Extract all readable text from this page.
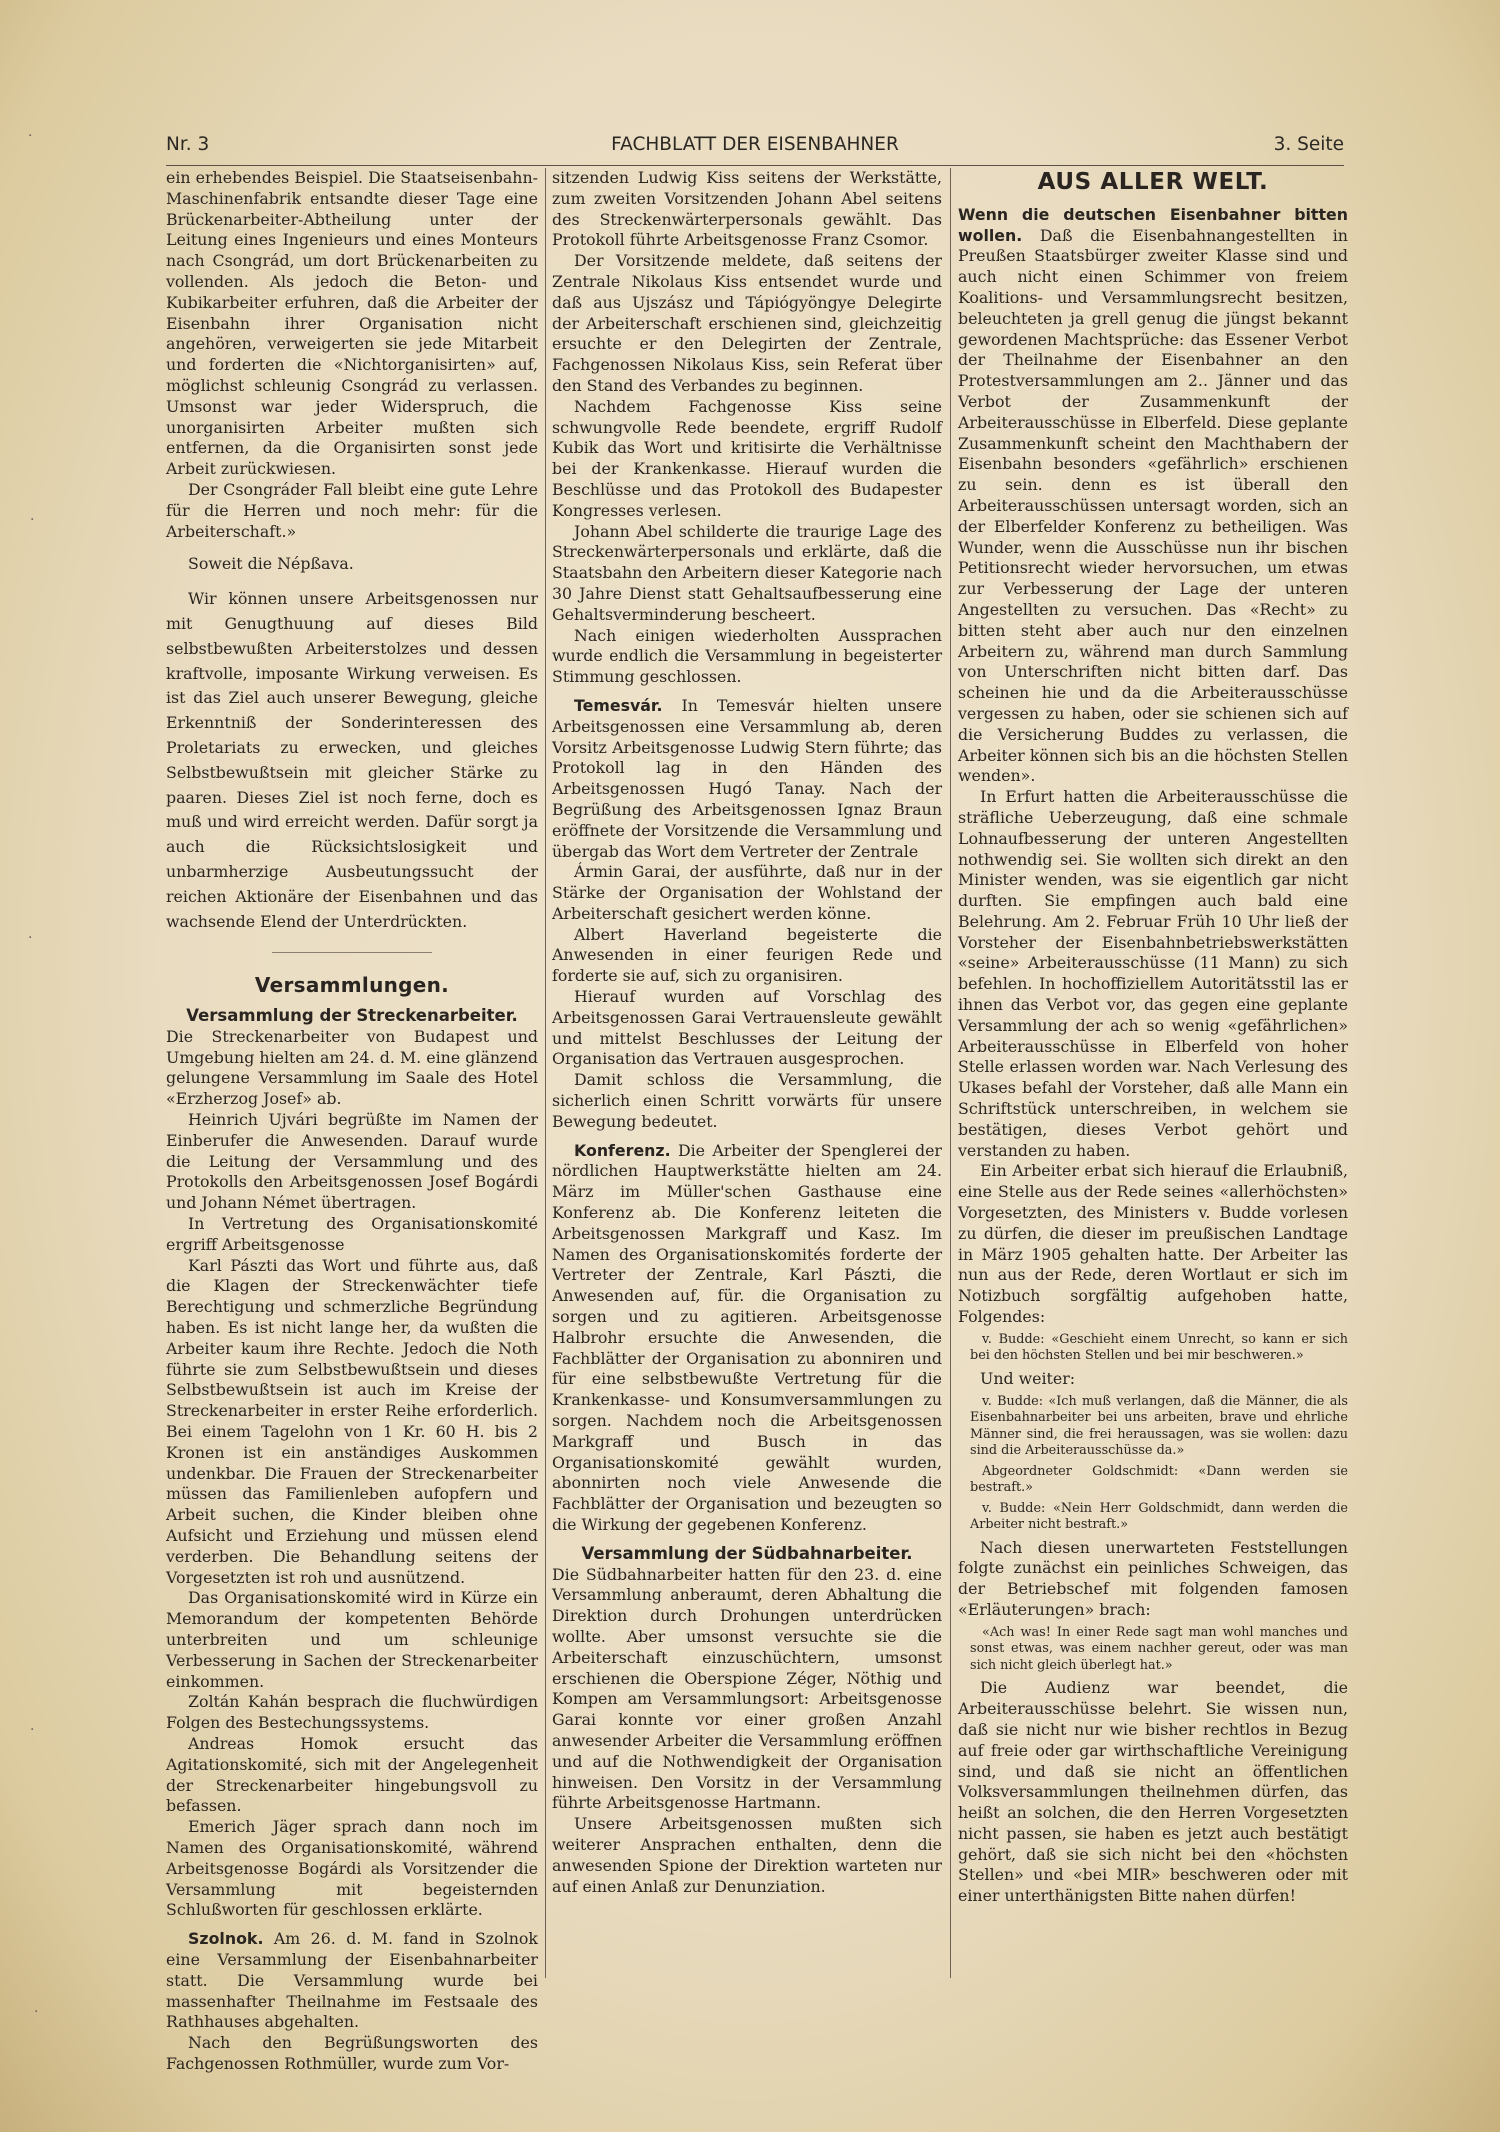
Nr. 3	FACHBLATT DER EISENBAHNER	3. Seite

ein erhebendes Beispiel. Die Staatseisenbahn-Maschinenfabrik entsandte dieser Tage eine Brückenarbeiter-Abtheilung unter der Leitung eines Ingenieurs und eines Monteurs nach Csongrád, um dort Brückenarbeiten zu vollenden. Als jedoch die Beton- und Kubikarbeiter erfuhren, daß die Arbeiter der Eisenbahn ihrer Organisation nicht angehören, verweigerten sie jede Mitarbeit und forderten die «Nichtorganisirten» auf, möglichst schleunig Csongrád zu verlassen. Umsonst war jeder Widerspruch, die unorganisirten Arbeiter mußten sich entfernen, da die Organisirten sonst jede Arbeit zurückwiesen.

Der Csongráder Fall bleibt eine gute Lehre für die Herren und noch mehr: für die Arbeiterschaft.»

Soweit die Népßava.

Wir können unsere Arbeitsgenossen nur mit Genugthuung auf dieses Bild selbstbewußten Arbeiterstolzes und dessen kraftvolle, imposante Wirkung verweisen. Es ist das Ziel auch unserer Bewegung, gleiche Erkenntniß der Sonderinteressen des Proletariats zu erwecken, und gleiches Selbstbewußtsein mit gleicher Stärke zu paaren. Dieses Ziel ist noch ferne, doch es muß und wird erreicht werden. Dafür sorgt ja auch die Rücksichtslosigkeit und unbarmherzige Ausbeutungssucht der reichen Aktionäre der Eisenbahnen und das wachsende Elend der Unterdrückten.

Versammlungen.
Versammlung der Streckenarbeiter.

Die Streckenarbeiter von Budapest und Umgebung hielten am 24. d. M. eine glänzend gelungene Versammlung im Saale des Hotel «Erzherzog Josef» ab.

Heinrich Ujvári begrüßte im Namen der Einberufer die Anwesenden. Darauf wurde die Leitung der Versammlung und des Protokolls den Arbeitsgenossen Josef Bogárdi und Johann Német übertragen.

In Vertretung des Organisationskomité ergriff Arbeitsgenosse

Karl Pászti das Wort und führte aus, daß die Klagen der Streckenwächter tiefe Berechtigung und schmerzliche Begründung haben. Es ist nicht lange her, da wußten die Arbeiter kaum ihre Rechte. Jedoch die Noth führte sie zum Selbstbewußtsein und dieses Selbstbewußtsein ist auch im Kreise der Streckenarbeiter in erster Reihe erforderlich. Bei einem Tagelohn von 1 Kr. 60 H. bis 2 Kronen ist ein anständiges Auskommen undenkbar. Die Frauen der Streckenarbeiter müssen das Familienleben aufopfern und Arbeit suchen, die Kinder bleiben ohne Aufsicht und Erziehung und müssen elend verderben. Die Behandlung seitens der Vorgesetzten ist roh und ausnützend.

Das Organisationskomité wird in Kürze ein Memorandum der kompetenten Behörde unterbreiten und um schleunige Verbesserung in Sachen der Streckenarbeiter einkommen.

Zoltán Kahán besprach die fluchwürdigen Folgen des Bestechungssystems.

Andreas Homok ersucht das Agitationskomité, sich mit der Angelegenheit der Streckenarbeiter hingebungsvoll zu befassen.

Emerich Jäger sprach dann noch im Namen des Organisationskomité, während Arbeitsgenosse Bogárdi als Vorsitzender die Versammlung mit begeisternden Schlußworten für geschlossen erklärte.

Szolnok. Am 26. d. M. fand in Szolnok eine Versammlung der Eisenbahnarbeiter statt. Die Versammlung wurde bei massenhafter Theilnahme im Festsaale des Rathhauses abgehalten.

Nach den Begrüßungsworten des Fachgenossen Rothmüller, wurde zum Vor-

sitzenden Ludwig Kiss seitens der Werkstätte, zum zweiten Vorsitzenden Johann Abel seitens des Streckenwärterpersonals gewählt. Das Protokoll führte Arbeitsgenosse Franz Csomor.

Der Vorsitzende meldete, daß seitens der Zentrale Nikolaus Kiss entsendet wurde und daß aus Ujszász und Tápiógyöngye Delegirte der Arbeiterschaft erschienen sind, gleichzeitig ersuchte er den Delegirten der Zentrale, Fachgenossen Nikolaus Kiss, sein Referat über den Stand des Verbandes zu beginnen.

Nachdem Fachgenosse Kiss seine schwungvolle Rede beendete, ergriff Rudolf Kubik das Wort und kritisirte die Verhältnisse bei der Krankenkasse. Hierauf wurden die Beschlüsse und das Protokoll des Budapester Kongresses verlesen.

Johann Abel schilderte die traurige Lage des Streckenwärterpersonals und erklärte, daß die Staatsbahn den Arbeitern dieser Kategorie nach 30 Jahre Dienst statt Gehaltsaufbesserung eine Gehaltsverminderung bescheert.

Nach einigen wiederholten Aussprachen wurde endlich die Versammlung in begeisterter Stimmung geschlossen.

Temesvár. In Temesvár hielten unsere Arbeitsgenossen eine Versammlung ab, deren Vorsitz Arbeitsgenosse Ludwig Stern führte; das Protokoll lag in den Händen des Arbeitsgenossen Hugó Tanay. Nach der Begrüßung des Arbeitsgenossen Ignaz Braun eröffnete der Vorsitzende die Versammlung und übergab das Wort dem Vertreter der Zentrale

Ármin Garai, der ausführte, daß nur in der Stärke der Organisation der Wohlstand der Arbeiterschaft gesichert werden könne.

Albert Haverland begeisterte die Anwesenden in einer feurigen Rede und forderte sie auf, sich zu organisiren.

Hierauf wurden auf Vorschlag des Arbeitsgenossen Garai Vertrauensleute gewählt und mittelst Beschlusses der Leitung der Organisation das Vertrauen ausgesprochen.

Damit schloss die Versammlung, die sicherlich einen Schritt vorwärts für unsere Bewegung bedeutet.

Konferenz. Die Arbeiter der Spenglerei der nördlichen Hauptwerkstätte hielten am 24. März im Müller'schen Gasthause eine Konferenz ab. Die Konferenz leiteten die Arbeitsgenossen Markgraff und Kasz. Im Namen des Organisationskomités forderte der Vertreter der Zentrale, Karl Pászti, die Anwesenden auf, für. die Organisation zu sorgen und zu agitieren. Arbeitsgenosse Halbrohr ersuchte die Anwesenden, die Fachblätter der Organisation zu abonniren und für eine selbstbewußte Vertretung für die Krankenkasse- und Konsumversammlungen zu sorgen. Nachdem noch die Arbeitsgenossen Markgraff und Busch in das Organisationskomité gewählt wurden, abonnirten noch viele Anwesende die Fachblätter der Organisation und bezeugten so die Wirkung der gegebenen Konferenz.

Versammlung der Südbahnarbeiter.

Die Südbahnarbeiter hatten für den 23. d. eine Versammlung anberaumt, deren Abhaltung die Direktion durch Drohungen unterdrücken wollte. Aber umsonst versuchte sie die Arbeiterschaft einzuschüchtern, umsonst erschienen die Oberspione Zéger, Nöthig und Kompen am Versammlungsort: Arbeitsgenosse Garai konnte vor einer großen Anzahl anwesender Arbeiter die Versammlung eröffnen und auf die Nothwendigkeit der Organisation hinweisen. Den Vorsitz in der Versammlung führte Arbeitsgenosse Hartmann.

Unsere Arbeitsgenossen mußten sich weiterer Ansprachen enthalten, denn die anwesenden Spione der Direktion warteten nur auf einen Anlaß zur Denunziation.

AUS ALLER WELT.

Wenn die deutschen Eisenbahner bitten wollen. Daß die Eisenbahnangestellten in Preußen Staatsbürger zweiter Klasse sind und auch nicht einen Schimmer von freiem Koalitions- und Versammlungsrecht besitzen, beleuchteten ja grell genug die jüngst bekannt gewordenen Machtsprüche: das Essener Verbot der Theilnahme der Eisenbahner an den Protestversammlungen am 2.. Jänner und das Verbot der Zusammenkunft der Arbeiterausschüsse in Elberfeld. Diese geplante Zusammenkunft scheint den Machthabern der Eisenbahn besonders «gefährlich» erschienen zu sein. denn es ist überall den Arbeiterausschüssen untersagt worden, sich an der Elberfelder Konferenz zu betheiligen. Was Wunder, wenn die Ausschüsse nun ihr bischen Petitionsrecht wieder hervorsuchen, um etwas zur Verbesserung der Lage der unteren Angestellten zu versuchen. Das «Recht» zu bitten steht aber auch nur den einzelnen Arbeitern zu, während man durch Sammlung von Unterschriften nicht bitten darf. Das scheinen hie und da die Arbeiterausschüsse vergessen zu haben, oder sie schienen sich auf die Versicherung Buddes zu verlassen, die Arbeiter können sich bis an die höchsten Stellen wenden».

In Erfurt hatten die Arbeiterausschüsse die sträfliche Ueberzeugung, daß eine schmale Lohnaufbesserung der unteren Angestellten nothwendig sei. Sie wollten sich direkt an den Minister wenden, was sie eigentlich gar nicht durften. Sie empfingen auch bald eine Belehrung. Am 2. Februar Früh 10 Uhr ließ der Vorsteher der Eisenbahnbetriebswerkstätten «seine» Arbeiterausschüsse (11 Mann) zu sich befehlen. In hochoffiziellem Autoritätsstil las er ihnen das Verbot vor, das gegen eine geplante Versammlung der ach so wenig «gefährlichen» Arbeiterausschüsse in Elberfeld von hoher Stelle erlassen worden war. Nach Verlesung des Ukases befahl der Vorsteher, daß alle Mann ein Schriftstück unterschreiben, in welchem sie bestätigen, dieses Verbot gehört und verstanden zu haben.

Ein Arbeiter erbat sich hierauf die Erlaubniß, eine Stelle aus der Rede seines «allerhöchsten» Vorgesetzten, des Ministers v. Budde vorlesen zu dürfen, die dieser im preußischen Landtage in März 1905 gehalten hatte. Der Arbeiter las nun aus der Rede, deren Wortlaut er sich im Notizbuch sorgfältig aufgehoben hatte, Folgendes:

v. Budde: «Geschieht einem Unrecht, so kann er sich bei den höchsten Stellen und bei mir beschweren.»

Und weiter:

v. Budde: «Ich muß verlangen, daß die Männer, die als Eisenbahnarbeiter bei uns arbeiten, brave und ehrliche Männer sind, die frei heraussagen, was sie wollen: dazu sind die Arbeiterausschüsse da.»

Abgeordneter Goldschmidt: «Dann werden sie bestraft.»

v. Budde: «Nein Herr Goldschmidt, dann werden die Arbeiter nicht bestraft.»

Nach diesen unerwarteten Feststellungen folgte zunächst ein peinliches Schweigen, das der Betriebschef mit folgenden famosen «Erläuterungen» brach:

«Ach was! In einer Rede sagt man wohl manches und sonst etwas, was einem nachher gereut, oder was man sich nicht gleich überlegt hat.»

Die Audienz war beendet, die Arbeiterausschüsse belehrt. Sie wissen nun, daß sie nicht nur wie bisher rechtlos in Bezug auf freie oder gar wirthschaftliche Vereinigung sind, und daß sie nicht an öffentlichen Volksversammlungen theilnehmen dürfen, das heißt an solchen, die den Herren Vorgesetzten nicht passen, sie haben es jetzt auch bestätigt gehört, daß sie sich nicht bei den «höchsten Stellen» und «bei MIR» beschweren oder mit einer unterthänigsten Bitte nahen dürfen!

·
·
·
·
·
